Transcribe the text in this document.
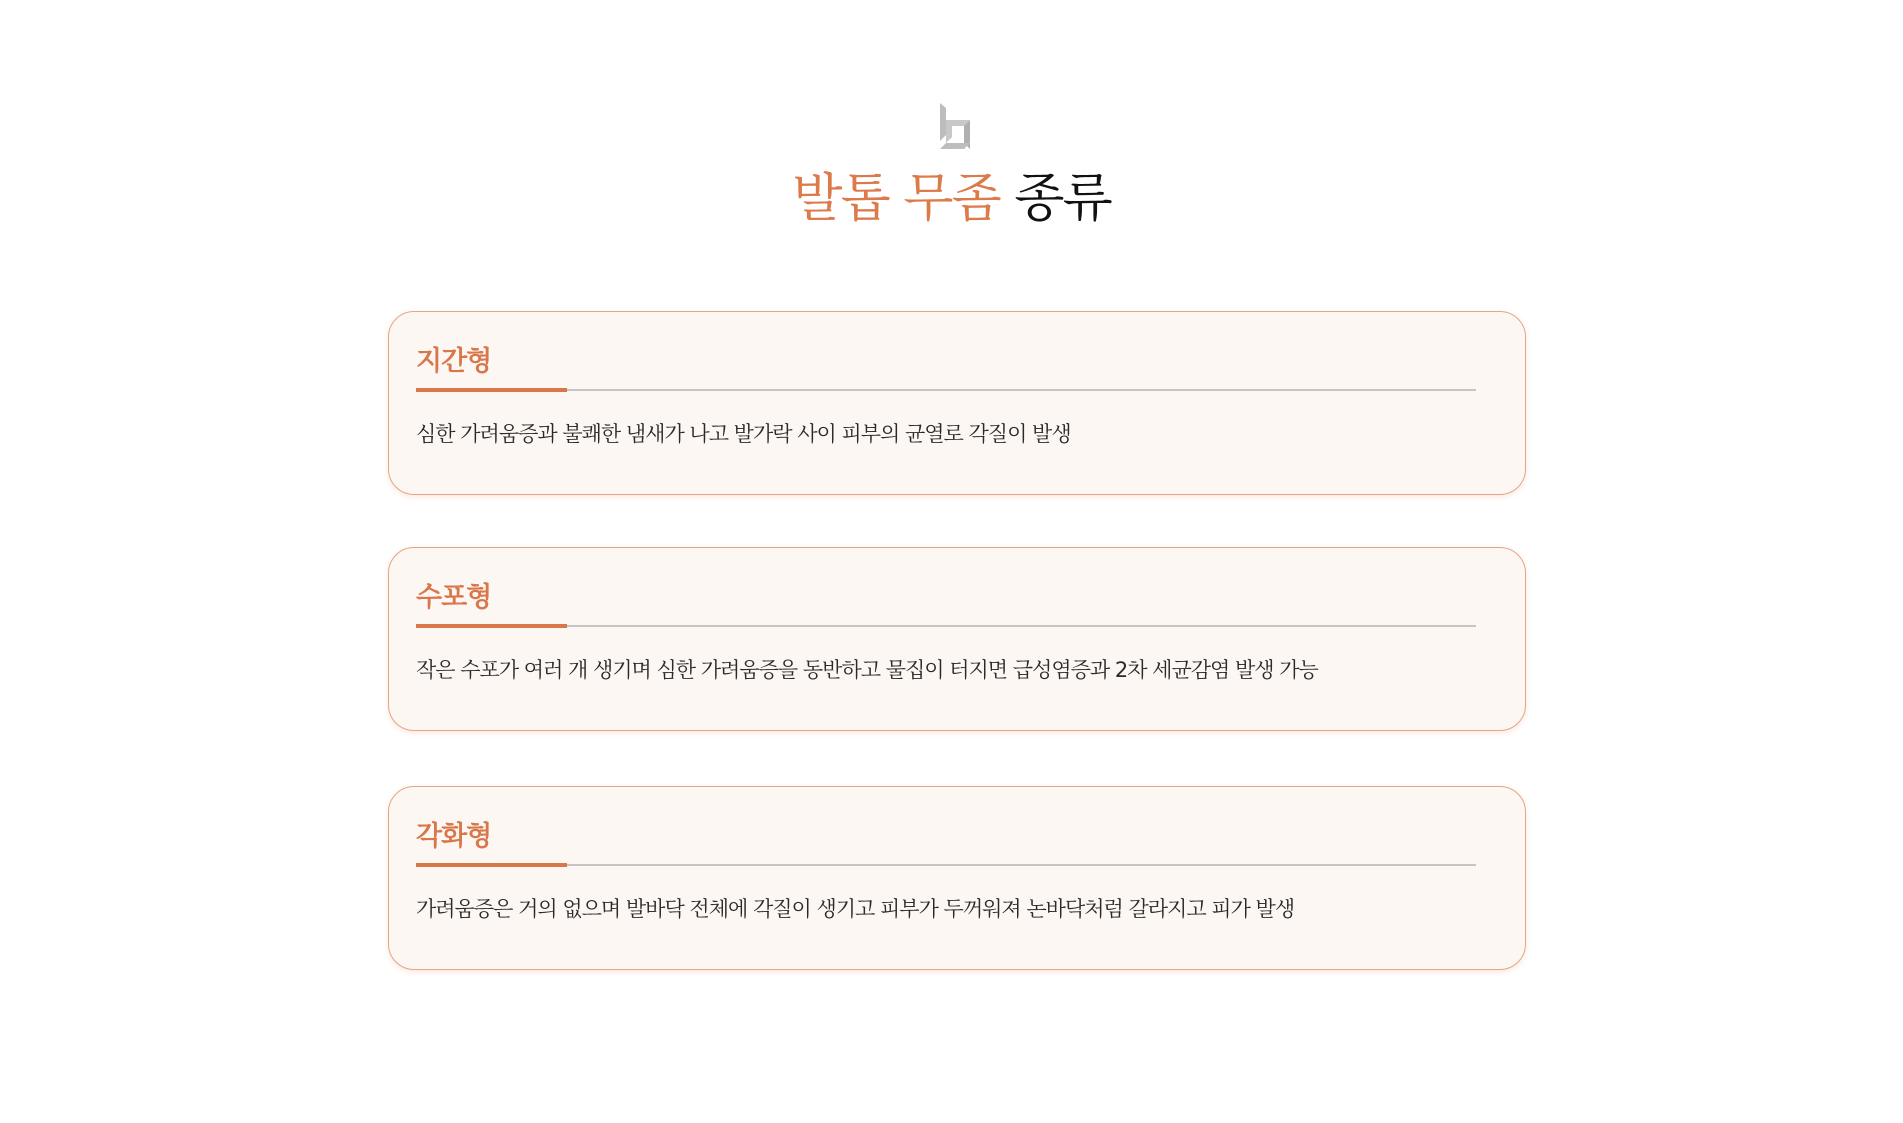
발톱 무좀 종류
지간형
심한 가려움증과 불쾌한 냄새가 나고 발가락 사이 피부의 균열로 각질이 발생
수포형
작은 수포가 여러 개 생기며 심한 가려움증을 동반하고 물집이 터지면 급성염증과 2차 세균감염 발생 가능
각화형
가려움증은 거의 없으며 발바닥 전체에 각질이 생기고 피부가 두꺼워져 논바닥처럼 갈라지고 피가 발생
